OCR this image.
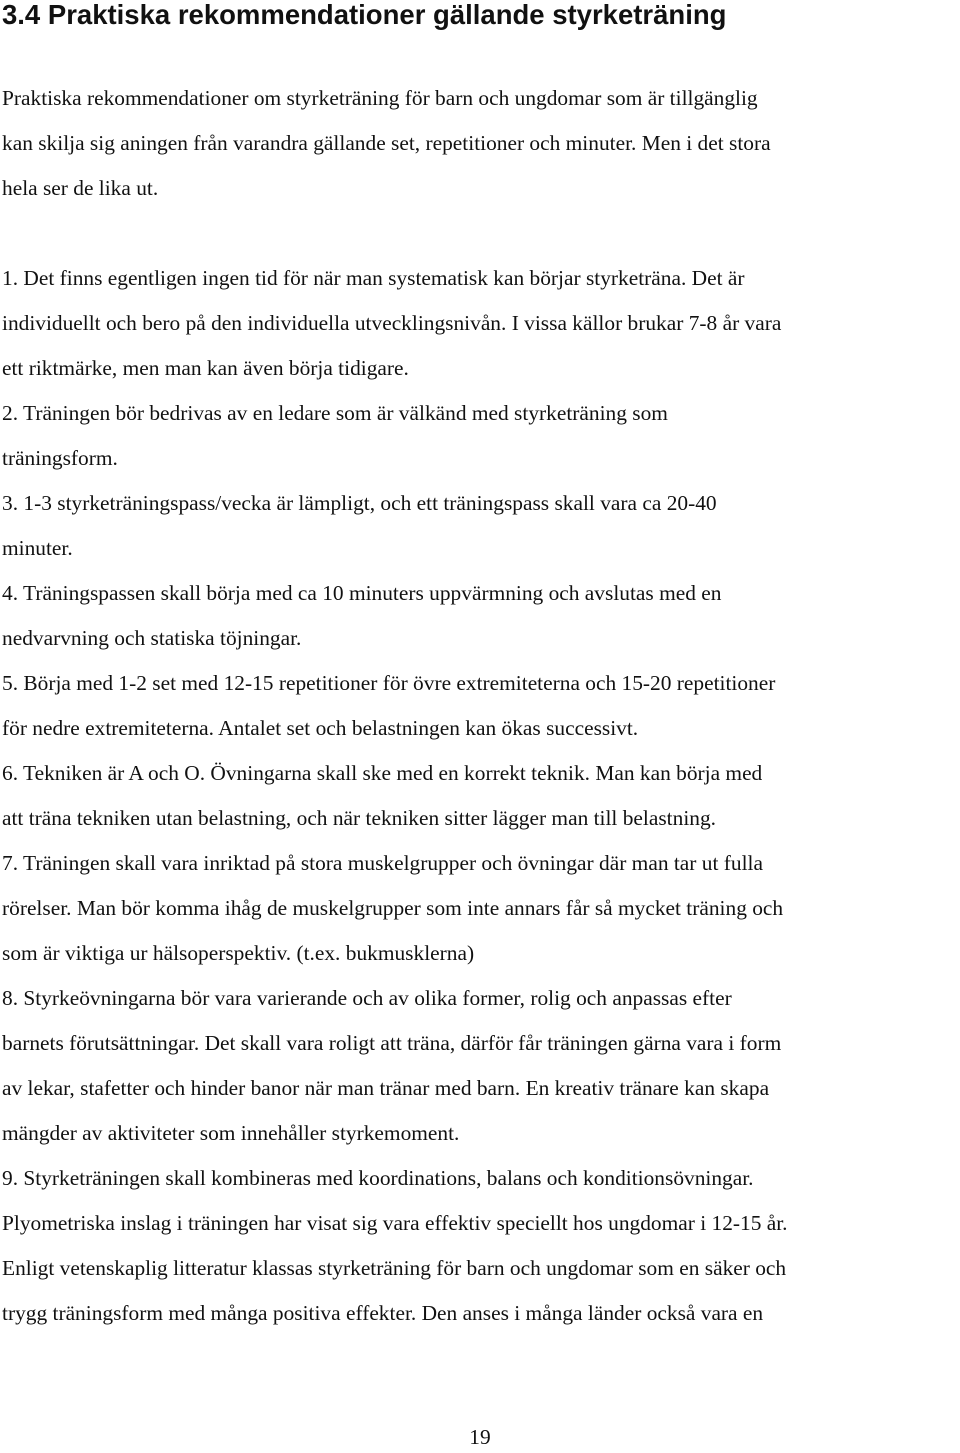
3.4 Praktiska rekommendationer gällande styrketräning

Praktiska rekommendationer om styrketräning för barn och ungdomar som är tillgänglig
kan skilja sig aningen från varandra gällande set, repetitioner och minuter. Men i det stora
hela ser de lika ut.

1. Det finns egentligen ingen tid för när man systematisk kan börjar styrketräna. Det är
individuellt och bero på den individuella utvecklingsnivån. I vissa källor brukar 7-8 år vara
ett riktmärke, men man kan även börja tidigare.

2. Träningen bör bedrivas av en ledare som är välkänd med styrketräning som
träningsform.

3. 1-3 styrketräningspass/vecka är lämpligt, och ett träningspass skall vara ca 20-40
minuter.

4. Träningspassen skall börja med ca 10 minuters uppvärmning och avslutas med en
nedvarvning och statiska töjningar.

5. Börja med 1-2 set med 12-15 repetitioner för övre extremiteterna och 15-20 repetitioner
för nedre extremiteterna. Antalet set och belastningen kan ökas successivt.

6. Tekniken är A och O. Övningarna skall ske med en korrekt teknik. Man kan börja med
att träna tekniken utan belastning, och när tekniken sitter lägger man till belastning.

7. Träningen skall vara inriktad på stora muskelgrupper och övningar där man tar ut fulla
rörelser. Man bör komma ihåg de muskelgrupper som inte annars får så mycket träning och
som är viktiga ur hälsoperspektiv. (t.ex. bukmusklerna)

8. Styrkeövningarna bör vara varierande och av olika former, rolig och anpassas efter
barnets förutsättningar. Det skall vara roligt att träna, därför får träningen gärna vara i form
av lekar, stafetter och hinder banor när man tränar med barn. En kreativ tränare kan skapa
mängder av aktiviteter som innehåller styrkemoment.

9. Styrketräningen skall kombineras med koordinations, balans och konditionsövningar.
Plyometriska inslag i träningen har visat sig vara effektiv speciellt hos ungdomar i 12-15 år.
Enligt vetenskaplig litteratur klassas styrketräning för barn och ungdomar som en säker och
trygg träningsform med många positiva effekter. Den anses i många länder också vara en

19
